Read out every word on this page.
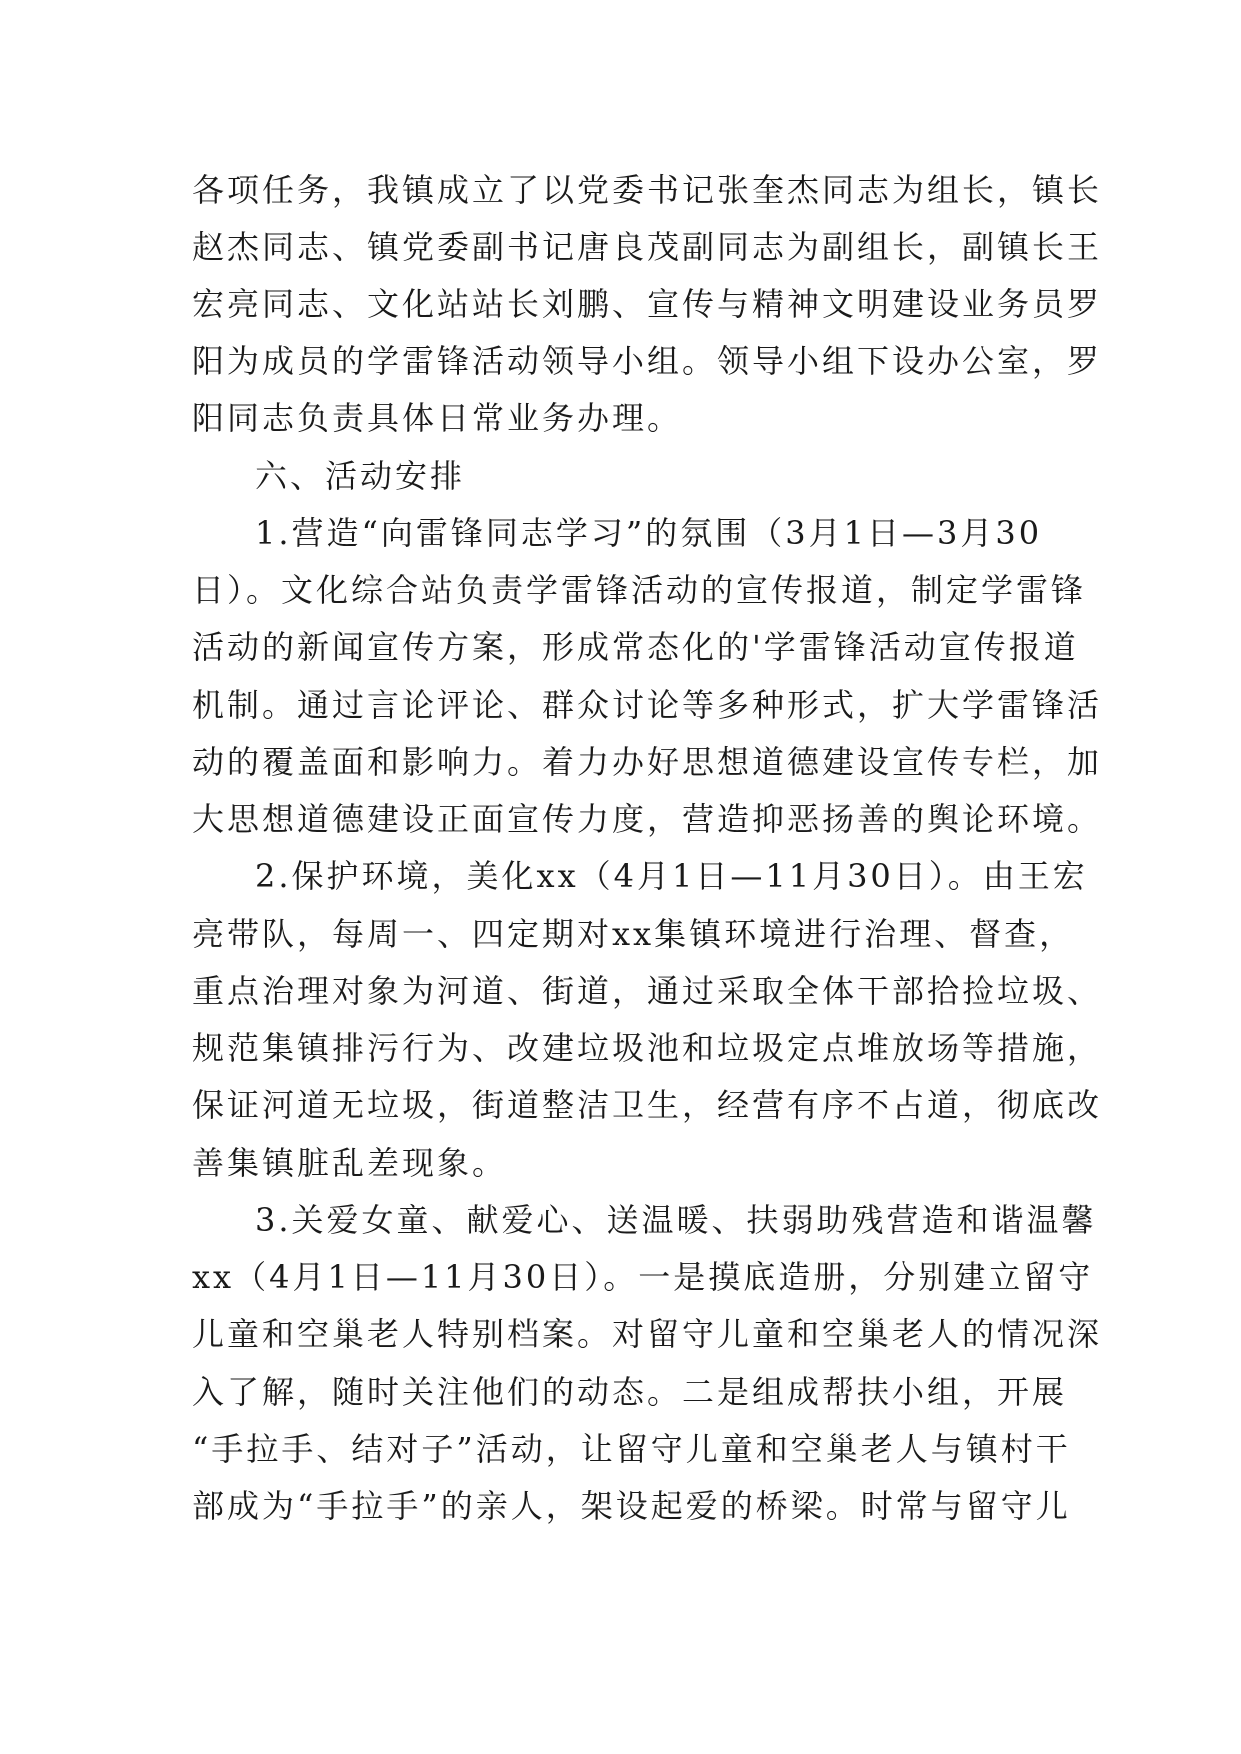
各项任务，我镇成立了以党委书记张奎杰同志为组长，镇长
赵杰同志、镇党委副书记唐良茂副同志为副组长，副镇长王
宏亮同志、文化站站长刘鹏、宣传与精神文明建设业务员罗
阳为成员的学雷锋活动领导小组。领导小组下设办公室，罗
阳同志负责具体日常业务办理。
六、活动安排
1.营造“向雷锋同志学习”的氛围（3月1日—3月30
日）。文化综合站负责学雷锋活动的宣传报道，制定学雷锋
活动的新闻宣传方案，形成常态化的'学雷锋活动宣传报道
机制。通过言论评论、群众讨论等多种形式，扩大学雷锋活
动的覆盖面和影响力。着力办好思想道德建设宣传专栏，加
大思想道德建设正面宣传力度，营造抑恶扬善的舆论环境。
2.保护环境，美化xx（4月1日—11月30日）。由王宏
亮带队，每周一、四定期对xx集镇环境进行治理、督查，
重点治理对象为河道、街道，通过采取全体干部拾捡垃圾、
规范集镇排污行为、改建垃圾池和垃圾定点堆放场等措施，
保证河道无垃圾，街道整洁卫生，经营有序不占道，彻底改
善集镇脏乱差现象。
3.关爱女童、献爱心、送温暖、扶弱助残营造和谐温馨
xx（4月1日—11月30日）。一是摸底造册，分别建立留守
儿童和空巢老人特别档案。对留守儿童和空巢老人的情况深
入了解，随时关注他们的动态。二是组成帮扶小组，开展
“手拉手、结对子”活动，让留守儿童和空巢老人与镇村干
部成为“手拉手”的亲人，架设起爱的桥梁。时常与留守儿
